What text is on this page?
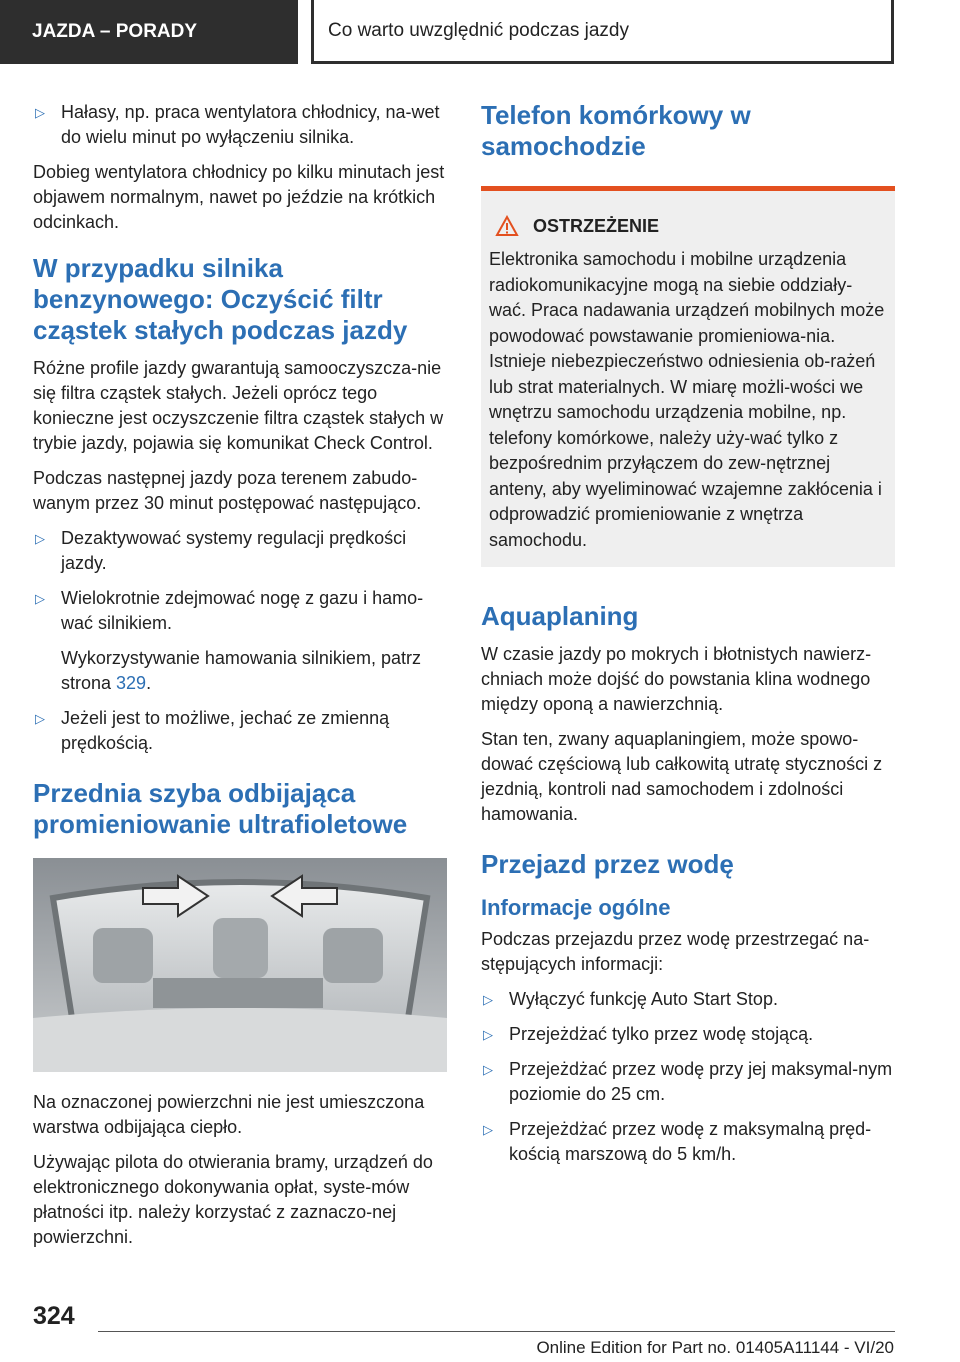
JAZDA – PORADY	Co warto uwzględnić podczas jazdy
▷ Hałasy, np. praca wentylatora chłodnicy, na‐wet do wielu minut po wyłączeniu silnika.

Dobieg wentylatora chłodnicy po kilku minutach jest objawem normalnym, nawet po jeździe na krótkich odcinkach.

W przypadku silnika benzynowego: Oczyścić filtr cząstek stałych podczas jazdy

Różne profile jazdy gwarantują samooczyszcza‐nie się filtra cząstek stałych. Jeżeli oprócz tego konieczne jest oczyszczenie filtra cząstek stałych w trybie jazdy, pojawia się komunikat Check Control.

Podczas następnej jazdy poza terenem zabudo‐wanym przez 30 minut postępować następująco.

▷ Dezaktywować systemy regulacji prędkości jazdy.
▷ Wielokrotnie zdejmować nogę z gazu i hamo‐wać silnikiem.
Wykorzystywanie hamowania silnikiem, patrz strona 329.
▷ Jeżeli jest to możliwe, jechać ze zmienną prędkością.
Przednia szyba odbijająca promieniowanie ultrafioletowe

Na oznaczonej powierzchni nie jest umieszczona warstwa odbijająca ciepło.

Używając pilota do otwierania bramy, urządzeń do elektronicznego dokonywania opłat, syste‐mów płatności itp. należy korzystać z zaznaczo‐nej powierzchni.

Telefon komórkowy w samochodzie
OSTRZEŻENIE

Elektronika samochodu i mobilne urządzenia radiokomunikacyjne mogą na siebie oddziały‐wać. Praca nadawania urządzeń mobilnych może powodować powstawanie promieniowa‐nia. Istnieje niebezpieczeństwo odniesienia ob‐rażeń lub strat materialnych. W miarę możli‐wości we wnętrzu samochodu urządzenia mobilne, np. telefony komórkowe, należy uży‐wać tylko z bezpośrednim przyłączem do zew‐nętrznej anteny, aby wyeliminować wzajemne zakłócenia i odprowadzić promieniowanie z wnętrza samochodu.

Aquaplaning

W czasie jazdy po mokrych i błotnistych nawierz‐chniach może dojść do powstania klina wodnego między oponą a nawierzchnią.

Stan ten, zwany aquaplaningiem, może spowo‐dować częściową lub całkowitą utratę styczności z jezdnią, kontroli nad samochodem i zdolności hamowania.

Przejazd przez wodę
Informacje ogólne

Podczas przejazdu przez wodę przestrzegać na‐stępujących informacji:

▷ Wyłączyć funkcję Auto Start Stop.
▷ Przejeżdżać tylko przez wodę stojącą.
▷ Przejeżdżać przez wodę przy jej maksymal‐nym poziomie do 25 cm.
▷ Przejeżdżać przez wodę z maksymalną pręd‐kością marszową do 5 km/h.
324
Online Edition for Part no. 01405A11144 - VI/20
